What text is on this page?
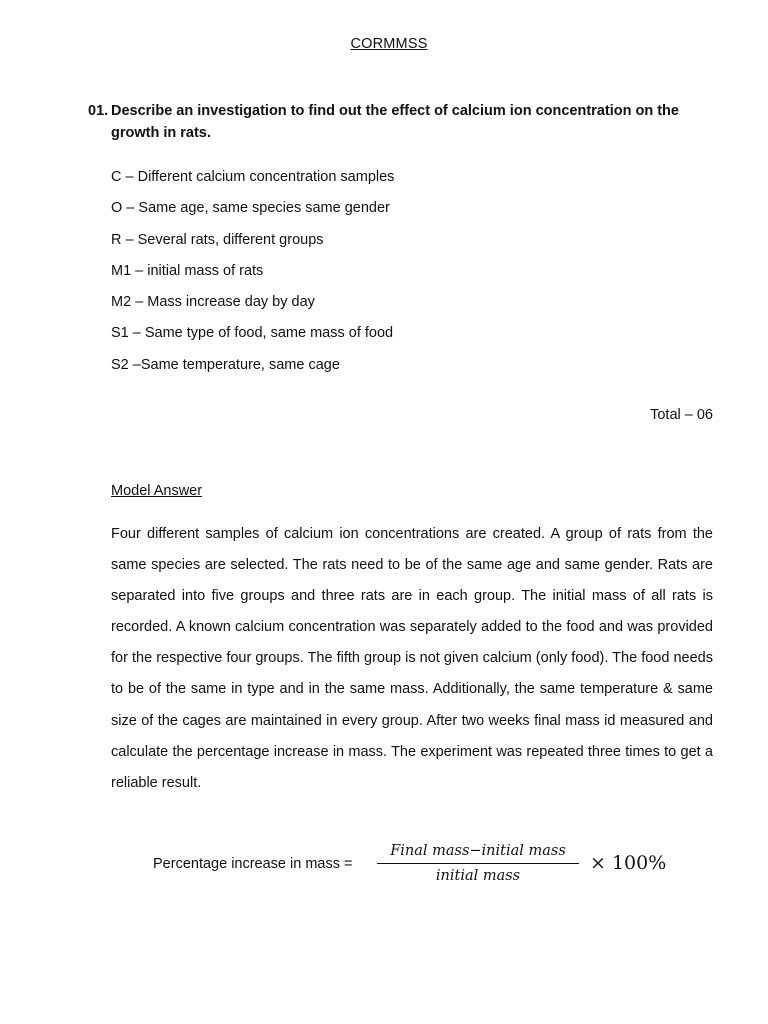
CORMMSS
01. Describe an investigation to find out the effect of calcium ion concentration on the growth in rats.
C – Different calcium concentration samples
O – Same age, same species same gender
R – Several rats, different groups
M1 – initial mass of rats
M2 – Mass increase day by day
S1 – Same type of food, same mass of food
S2 –Same temperature, same cage
Total – 06
Model Answer

Four different samples of calcium ion concentrations are created. A group of rats from the same species are selected. The rats need to be of the same age and same gender. Rats are separated into five groups and three rats are in each group. The initial mass of all rats is recorded. A known calcium concentration was separately added to the food and was provided for the respective four groups. The fifth group is not given calcium (only food). The food needs to be of the same in type and in the same mass. Additionally, the same temperature & same size of the cages are maintained in every group. After two weeks final mass id measured and calculate the percentage increase in mass. The experiment was repeated three times to get a reliable result.

Percentage increase in mass =
Final mass−initial mass
initial mass
× 100%
